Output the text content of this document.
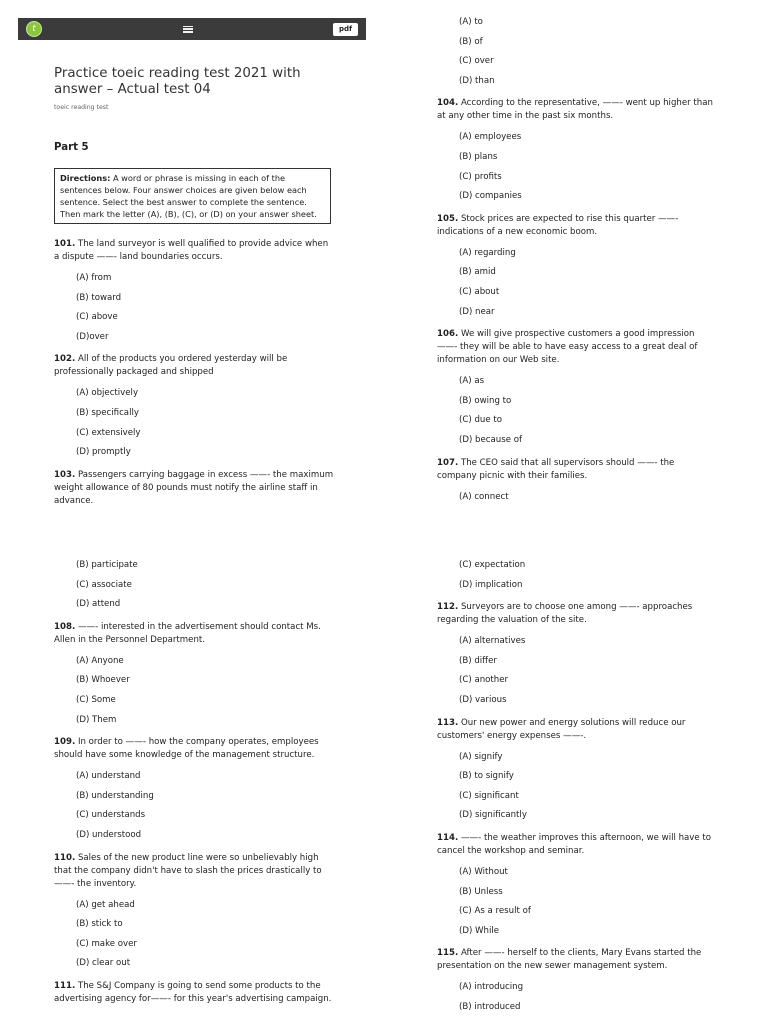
t	pdf
Practice toeic reading test 2021 with answer – Actual test 04
toeic reading test
Part 5
Directions: A word or phrase is missing in each of the sentences below. Four answer choices are given below each sentence. Select the best answer to complete the sentence. Then mark the letter (A), (B), (C), or (D) on your answer sheet.

101. The land surveyor is well qualified to provide advice when a dispute ——- land boundaries occurs.

(A) from
(B) toward
(C) above
(D)over

102. All of the products you ordered yesterday will be professionally packaged and shipped

(A) objectively
(B) specifically
(C) extensively
(D) promptly

103. Passengers carrying baggage in excess ——- the maximum weight allowance of 80 pounds must notify the airline staff in advance.

(A) to
(B) of
(C) over
(D) than

104. According to the representative, ——- went up higher than at any other time in the past six months.

(A) employees
(B) plans
(C) profits
(D) companies

105. Stock prices are expected to rise this quarter ——- indications of a new economic boom.

(A) regarding
(B) amid
(C) about
(D) near

106. We will give prospective customers a good impression ——- they will be able to have easy access to a great deal of information on our Web site.

(A) as
(B) owing to
(C) due to
(D) because of

107. The CEO said that all supervisors should ——- the company picnic with their families.

(A) connect
(B) participate
(C) associate
(D) attend

108. ——- interested in the advertisement should contact Ms. Allen in the Personnel Department.

(A) Anyone
(B) Whoever
(C) Some
(D) Them

109. In order to ——- how the company operates, employees should have some knowledge of the management structure.

(A) understand
(B) understanding
(C) understands
(D) understood

110. Sales of the new product line were so unbelievably high that the company didn't have to slash the prices drastically to ——- the inventory.

(A) get ahead
(B) stick to
(C) make over
(D) clear out

111. The S&J Company is going to send some products to the advertising agency for——- for this year's advertising campaign.

(C) expectation
(D) implication

112. Surveyors are to choose one among ——- approaches regarding the valuation of the site.

(A) alternatives
(B) differ
(C) another
(D) various

113. Our new power and energy solutions will reduce our customers' energy expenses ——-.

(A) signify
(B) to signify
(C) significant
(D) significantly

114. ——- the weather improves this afternoon, we will have to cancel the workshop and seminar.

(A) Without
(B) Unless
(C) As a result of
(D) While

115. After ——- herself to the clients, Mary Evans started the presentation on the new sewer management system.

(A) introducing
(B) introduced
